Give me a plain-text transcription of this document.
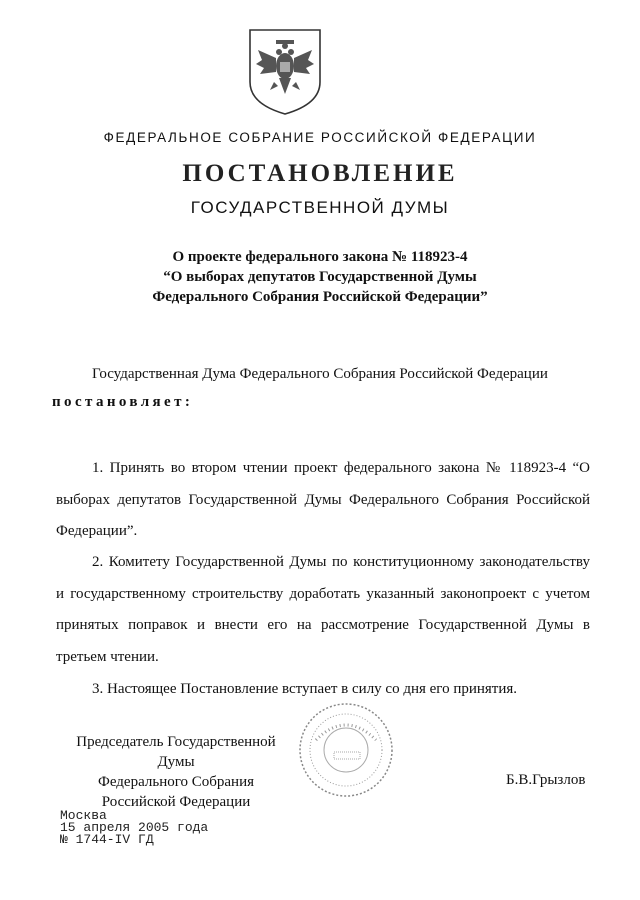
ФЕДЕРАЛЬНОЕ СОБРАНИЕ РОССИЙСКОЙ ФЕДЕРАЦИИ
ПОСТАНОВЛЕНИЕ
ГОСУДАРСТВЕННОЙ ДУМЫ
О проекте федерального закона № 118923-4
“О выборах депутатов Государственной Думы
Федерального Собрания Российской Федерации”
Государственная Дума Федерального Собрания Российской Федерации
постановляет:
1. Принять во втором чтении проект федерального закона № 118923-4 “О выборах депутатов Государственной Думы Федерального Собрания Российской Федерации”.
2. Комитету Государственной Думы по конституционному законодательству и государственному строительству доработать указанный законопроект с учетом принятых поправок и внести его на рассмотрение Государственной Думы в третьем чтении.
3. Настоящее Постановление вступает в силу со дня его принятия.
Председатель Государственной Думы
Федерального Собрания
Российской Федерации
Б.В.Грызлов
Москва
15 апреля 2005 года
№ 1744-IV ГД
